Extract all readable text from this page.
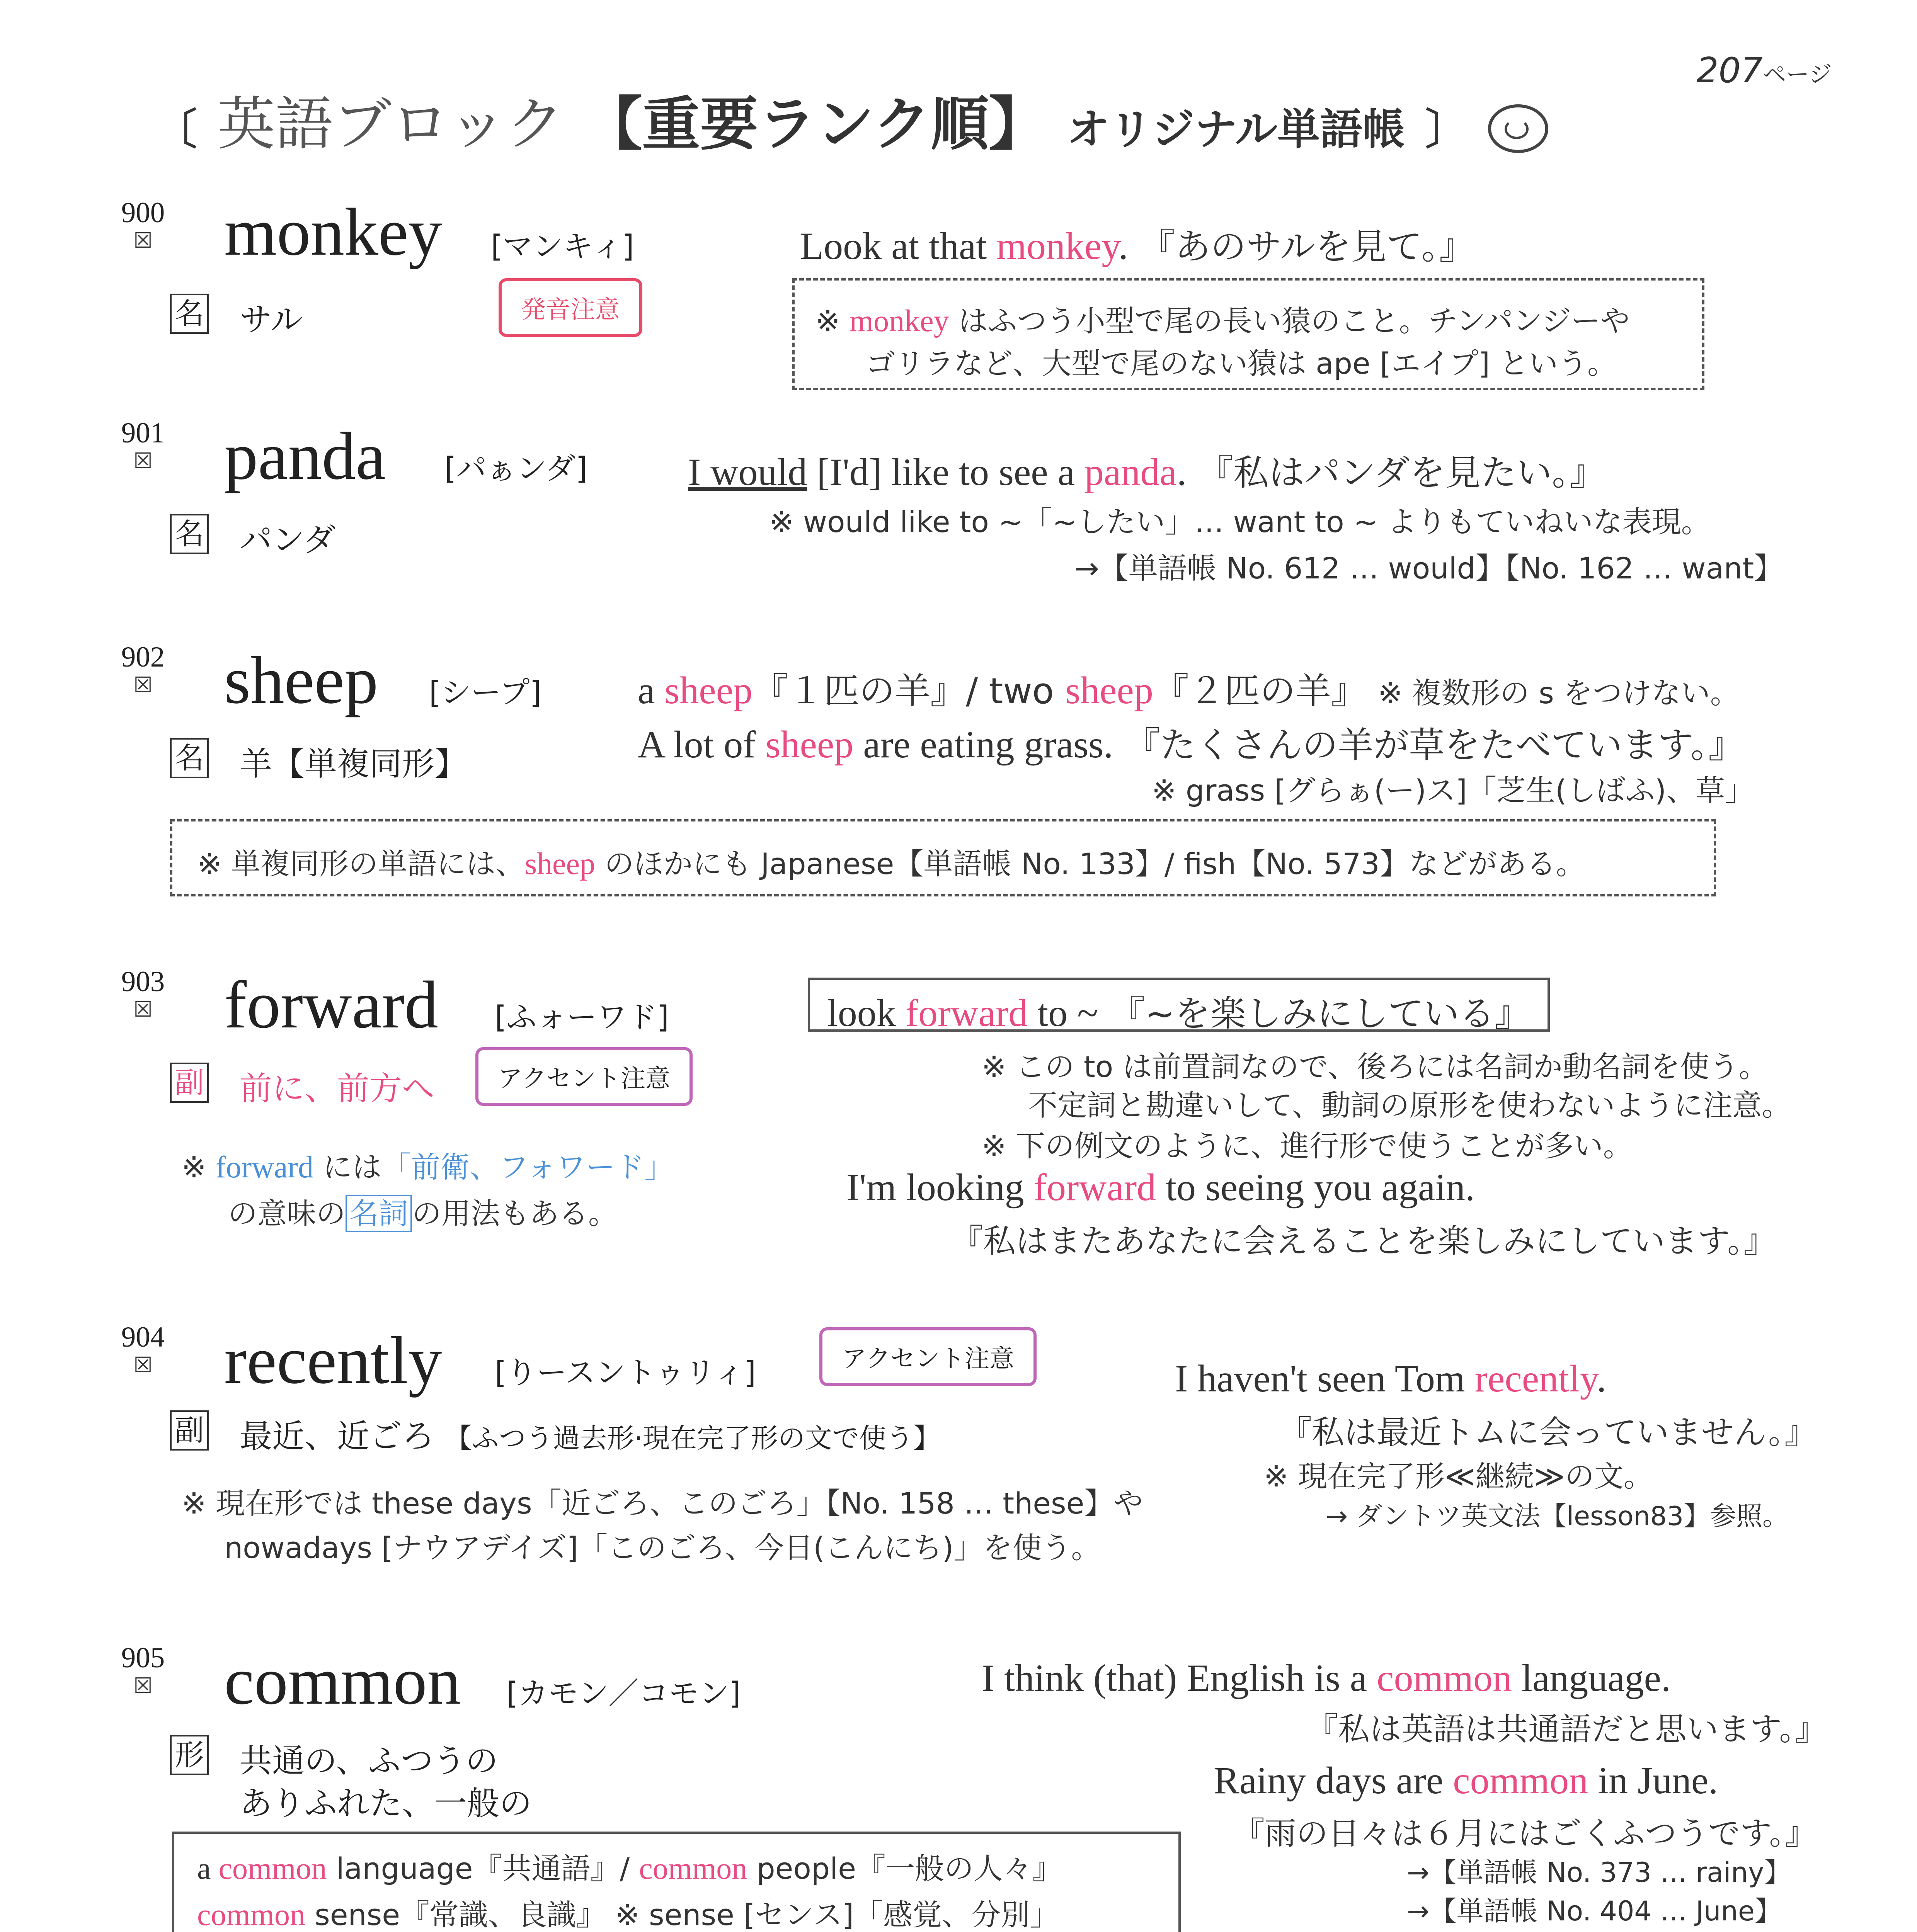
207ページ
〔 英語ブロック 【重要ランク順】 オリジナル単語帳 〕
900
☒ monkey [マンキィ]
名 サル	発音注意
Look at that monkey. 『あのサルを見て。』
※ monkey はふつう小型で尾の長い猿のこと。チンパンジーや
ゴリラなど、大型で尾のない猿は ape [エイプ] という。
901
☒ panda [パぁンダ]
名 パンダ
I would [I'd] like to see a panda. 『私はパンダを見たい。』
※ would like to ~「~したい」… want to ~ よりもていねいな表現。
→【単語帳 No. 612 … would】【No. 162 … want】
902
☒ sheep [シープ]
名 羊【単複同形】
a sheep『１匹の羊』/ two sheep『２匹の羊』 ※ 複数形の s をつけない。
A lot of sheep are eating grass. 『たくさんの羊が草をたべています。』
※ grass [グらぁ(ー)ス]「芝生(しばふ)、草」
※ 単複同形の単語には、sheep のほかにも Japanese【単語帳 No. 133】/ fish【No. 573】などがある。
903
☒ forward [ふォーワド]
副 前に、前方へ	アクセント注意
※ forward には「前衛、フォワード」
の意味の 名詞 の用法もある。
look forward to ~ 『~を楽しみにしている』
※ この to は前置詞なので、後ろには名詞か動名詞を使う。
不定詞と勘違いして、動詞の原形を使わないように注意。
※ 下の例文のように、進行形で使うことが多い。
I'm looking forward to seeing you again.
『私はまたあなたに会えることを楽しみにしています。』
904
☒ recently [りースントゥリィ]	アクセント注意
副 最近、近ごろ 【ふつう過去形·現在完了形の文で使う】
※ 現在形では these days「近ごろ、このごろ」【No. 158 … these】や
nowadays [ナウアデイズ]「このごろ、今日(こんにち)」を使う。
I haven't seen Tom recently.
『私は最近トムに会っていません。』
※ 現在完了形≪継続≫の文。
→ ダントツ英文法【lesson83】参照。
905
☒ common [カモン／コモン]
形 共通の、ふつうの
ありふれた、一般の
a common language『共通語』/ common people『一般の人々』
common sense『常識、良識』 ※ sense [センス]「感覚、分別」
I think (that) English is a common language.
『私は英語は共通語だと思います。』
Rainy days are common in June.
『雨の日々は６月にはごくふつうです。』
→【単語帳 No. 373 … rainy】
→【単語帳 No. 404 … June】
